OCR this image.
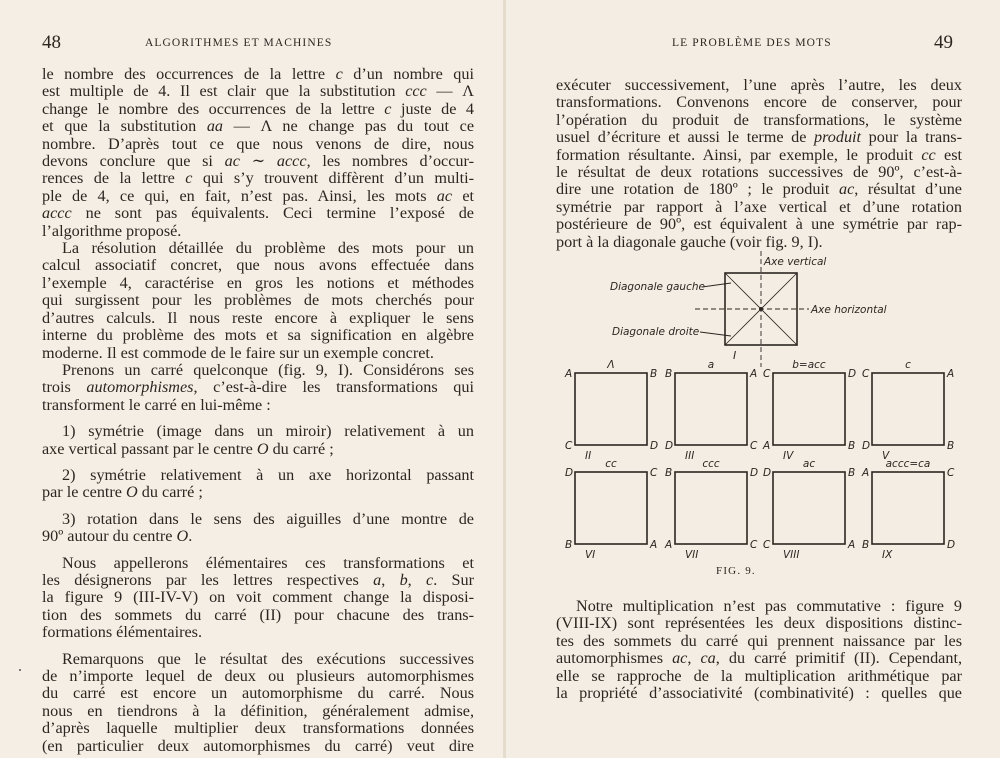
48	ALGORITHMES ET MACHINES

le nombre des occurrences de la lettre c d’un nombre qui
est multiple de 4. Il est clair que la substitution ccc — Λ
change le nombre des occurrences de la lettre c juste de 4
et que la substitution aa — Λ ne change pas du tout ce
nombre. D’après tout ce que nous venons de dire, nous
devons conclure que si ac ∼ accc, les nombres d’occur-
rences de la lettre c qui s’y trouvent diffèrent d’un multi-
ple de 4, ce qui, en fait, n’est pas. Ainsi, les mots ac et
accc ne sont pas équivalents. Ceci termine l’exposé de
l’algorithme proposé.

La résolution détaillée du problème des mots pour un
calcul associatif concret, que nous avons effectuée dans
l’exemple 4, caractérise en gros les notions et méthodes
qui surgissent pour les problèmes de mots cherchés pour
d’autres calculs. Il nous reste encore à expliquer le sens
interne du problème des mots et sa signification en algèbre
moderne. Il est commode de le faire sur un exemple concret.

Prenons un carré quelconque (fig. 9, I). Considérons ses
trois automorphismes, c’est-à-dire les transformations qui
transforment le carré en lui-même :

1) symétrie (image dans un miroir) relativement à un
axe vertical passant par le centre O du carré ;

2) symétrie relativement à un axe horizontal passant
par le centre O du carré ;

3) rotation dans le sens des aiguilles d’une montre de
90º autour du centre O.

Nous appellerons élémentaires ces transformations et
les désignerons par les lettres respectives a, b, c. Sur
la figure 9 (III-IV-V) on voit comment change la disposi-
tion des sommets du carré (II) pour chacune des trans-
formations élémentaires.

Remarquons que le résultat des exécutions successives
de n’importe lequel de deux ou plusieurs automorphismes
du carré est encore un automorphisme du carré. Nous
nous en tiendrons à la définition, généralement admise,
d’après laquelle multiplier deux transformations données
(en particulier deux automorphismes du carré) veut dire

LE PROBLÈME DES MOTS	49

exécuter successivement, l’une après l’autre, les deux
transformations. Convenons encore de conserver, pour
l’opération du produit de transformations, le système
usuel d’écriture et aussi le terme de produit pour la trans-
formation résultante. Ainsi, par exemple, le produit cc est
le résultat de deux rotations successives de 90º, c’est-à-
dire une rotation de 180º ; le produit ac, résultat d’une
symétrie par rapport à l’axe vertical et d’une rotation
postérieure de 90º, est équivalent à une symétrie par rap-
port à la diagonale gauche (voir fig. 9, I).

Axe vertical
Axe horizontal
Diagonale gauche
Diagonale droite
I
Λ
A	B
C	D
II
a
B	A
D	C
III
b=acc
C	D
A	B
IV
c
C	A
D	B
V
cc
D	C
B	A
VI
ccc
B	D
A	C
VII
ac
D	B
C	A
VIII
accc=ca
A	C
B	D
IX
FIG. 9.

Notre multiplication n’est pas commutative : figure 9
(VIII-IX) sont représentées les deux dispositions distinc-
tes des sommets du carré qui prennent naissance par les
automorphismes ac, ca, du carré primitif (II). Cependant,
elle se rapproche de la multiplication arithmétique par
la propriété d’associativité (combinativité) : quelles que
